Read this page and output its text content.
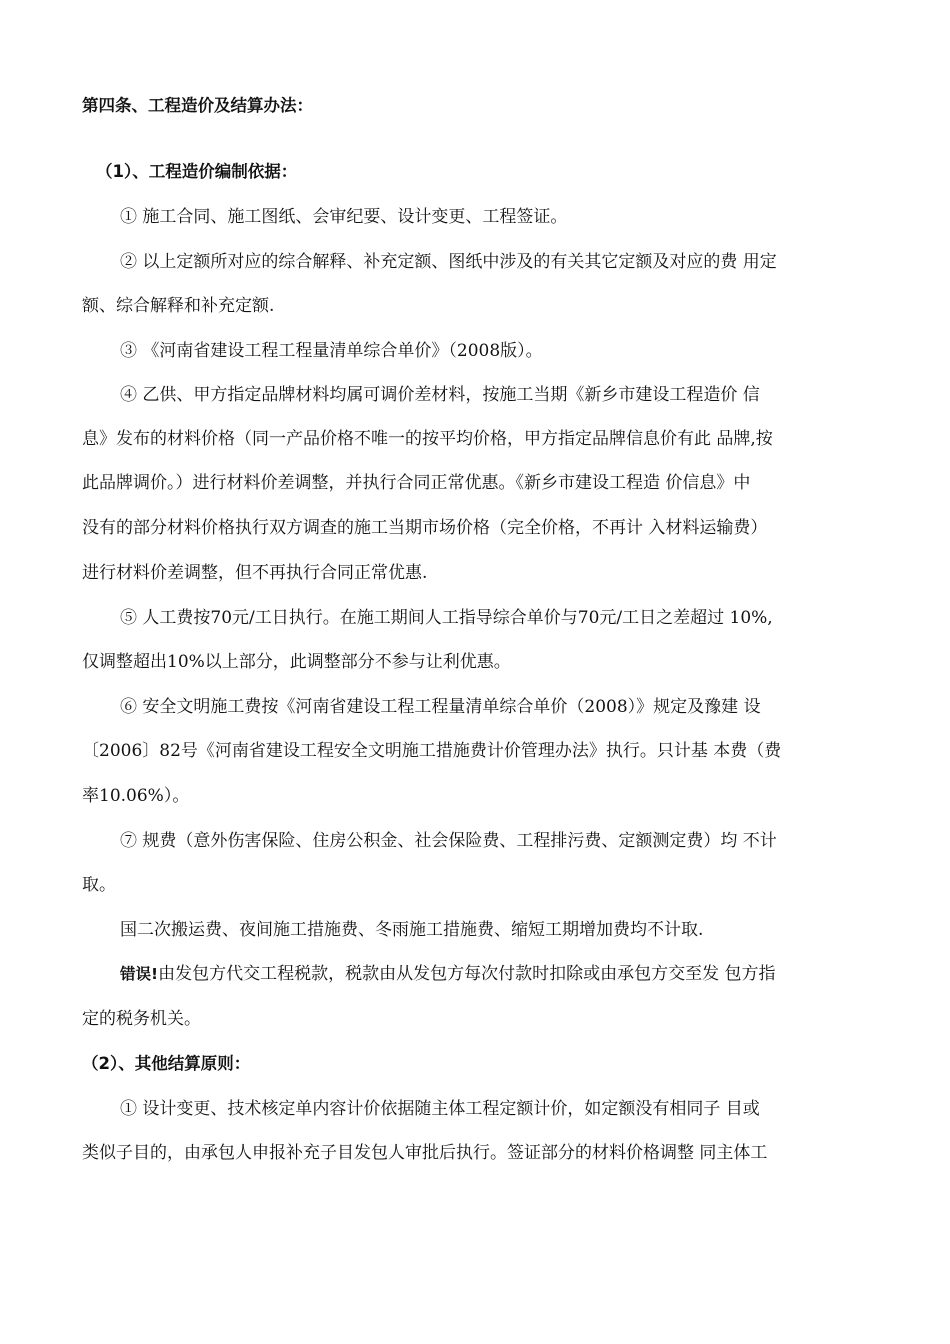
第四条、工程造价及结算办法：
（1）、工程造价编制依据：
① 施工合同、施工图纸、会审纪要、设计变更、工程签证。
② 以上定额所对应的综合解释、补充定额、图纸中涉及的有关其它定额及对应的费 用定
额、综合解释和补充定额.
③ 《河南省建设工程工程量清单综合单价》（2008版）。
④ 乙供、甲方指定品牌材料均属可调价差材料，按施工当期《新乡市建设工程造价 信
息》发布的材料价格（同一产品价格不唯一的按平均价格，甲方指定品牌信息价有此 品牌,按
此品牌调价。）进行材料价差调整，并执行合同正常优惠。《新乡市建设工程造 价信息》中
没有的部分材料价格执行双方调查的施工当期市场价格（完全价格，不再计 入材料运输费）
进行材料价差调整，但不再执行合同正常优惠.
⑤ 人工费按70元/工日执行。在施工期间人工指导综合单价与70元/工日之差超过 10%,
仅调整超出10%以上部分，此调整部分不参与让利优惠。
⑥ 安全文明施工费按《河南省建设工程工程量清单综合单价（2008）》规定及豫建 设
〔2006〕82号《河南省建设工程安全文明施工措施费计价管理办法》执行。只计基 本费（费
率10.06%）。
⑦ 规费（意外伤害保险、住房公积金、社会保险费、工程排污费、定额测定费）均 不计
取。
国二次搬运费、夜间施工措施费、冬雨施工措施费、缩短工期增加费均不计取.
错误!由发包方代交工程税款，税款由从发包方每次付款时扣除或由承包方交至发 包方指
定的税务机关。
（2）、其他结算原则：
① 设计变更、技术核定单内容计价依据随主体工程定额计价，如定额没有相同子 目或
类似子目的，由承包人申报补充子目发包人审批后执行。签证部分的材料价格调整 同主体工
